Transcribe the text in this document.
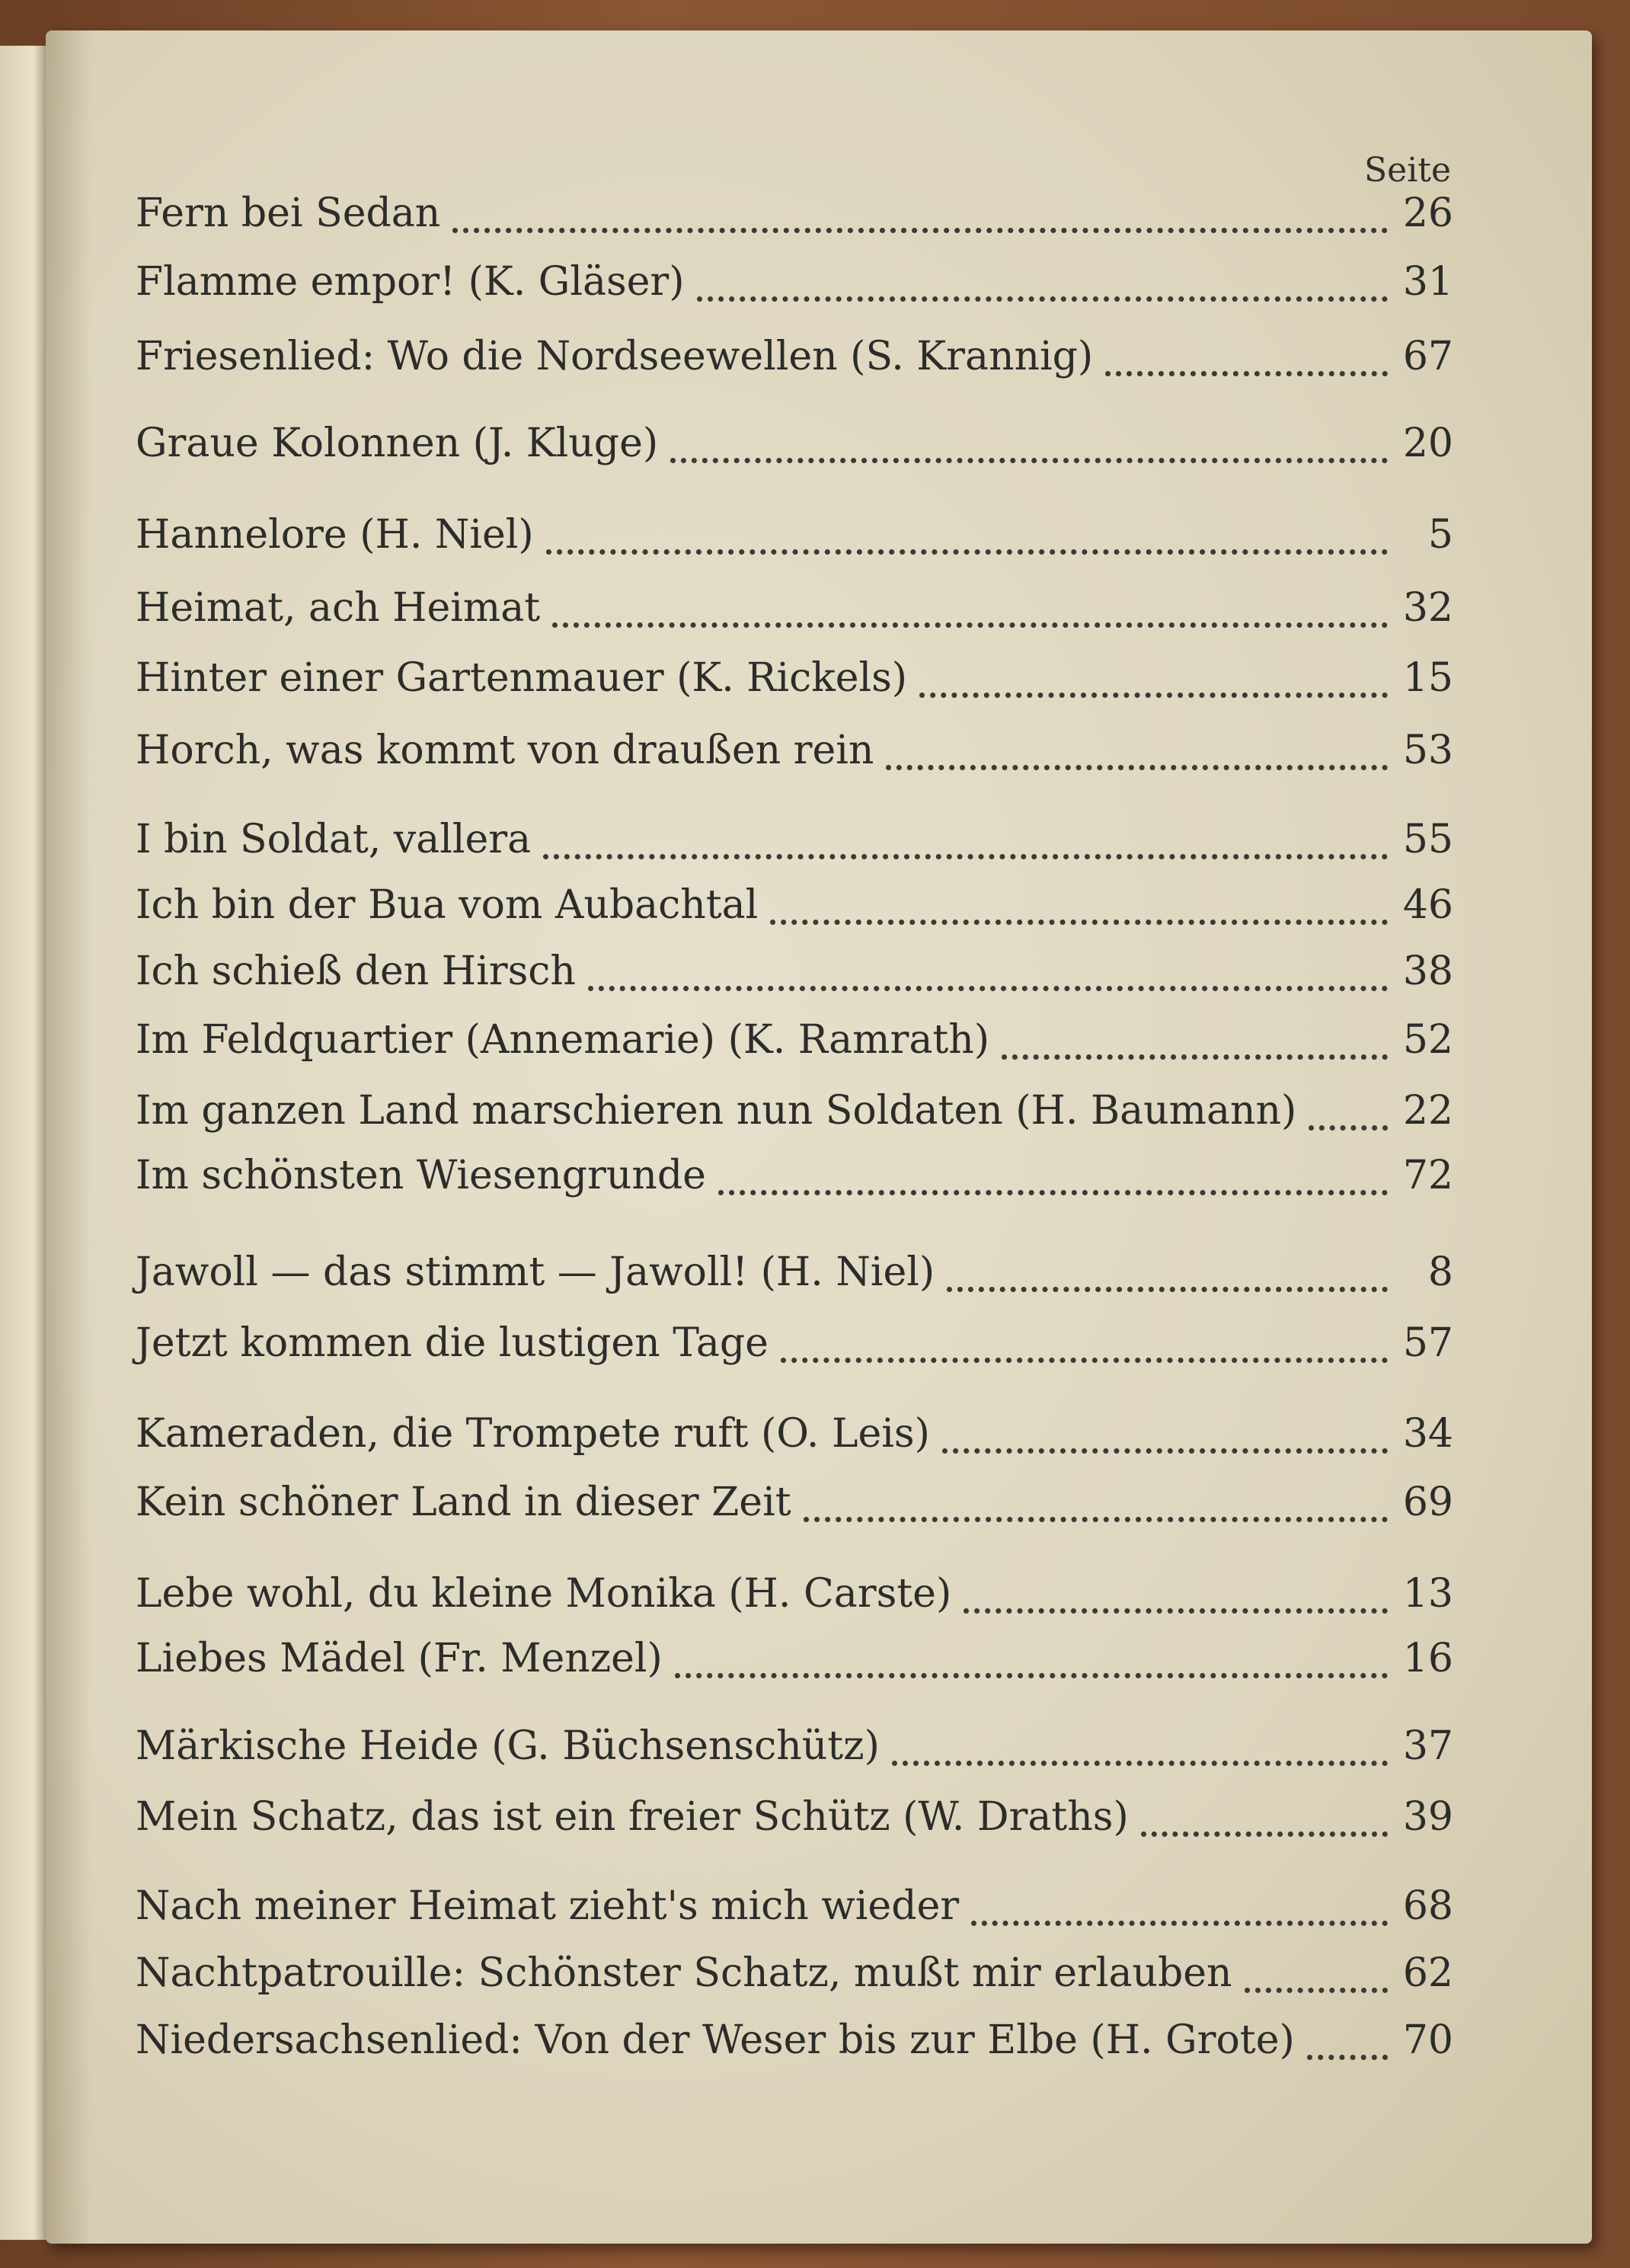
Seite
Fern bei Sedan	26
Flamme empor! (K. Gläser)	31
Friesenlied: Wo die Nordseewellen (S. Krannig)	67
Graue Kolonnen (J. Kluge)	20
Hannelore (H. Niel)	5
Heimat, ach Heimat	32
Hinter einer Gartenmauer (K. Rickels)	15
Horch, was kommt von draußen rein	53
I bin Soldat, vallera	55
Ich bin der Bua vom Aubachtal	46
Ich schieß den Hirsch	38
Im Feldquartier (Annemarie) (K. Ramrath)	52
Im ganzen Land marschieren nun Soldaten (H. Baumann)	22
Im schönsten Wiesengrunde	72
Jawoll — das stimmt — Jawoll! (H. Niel)	8
Jetzt kommen die lustigen Tage	57
Kameraden, die Trompete ruft (O. Leis)	34
Kein schöner Land in dieser Zeit	69
Lebe wohl, du kleine Monika (H. Carste)	13
Liebes Mädel (Fr. Menzel)	16
Märkische Heide (G. Büchsenschütz)	37
Mein Schatz, das ist ein freier Schütz (W. Draths)	39
Nach meiner Heimat zieht's mich wieder	68
Nachtpatrouille: Schönster Schatz, mußt mir erlauben	62
Niedersachsenlied: Von der Weser bis zur Elbe (H. Grote)	70
